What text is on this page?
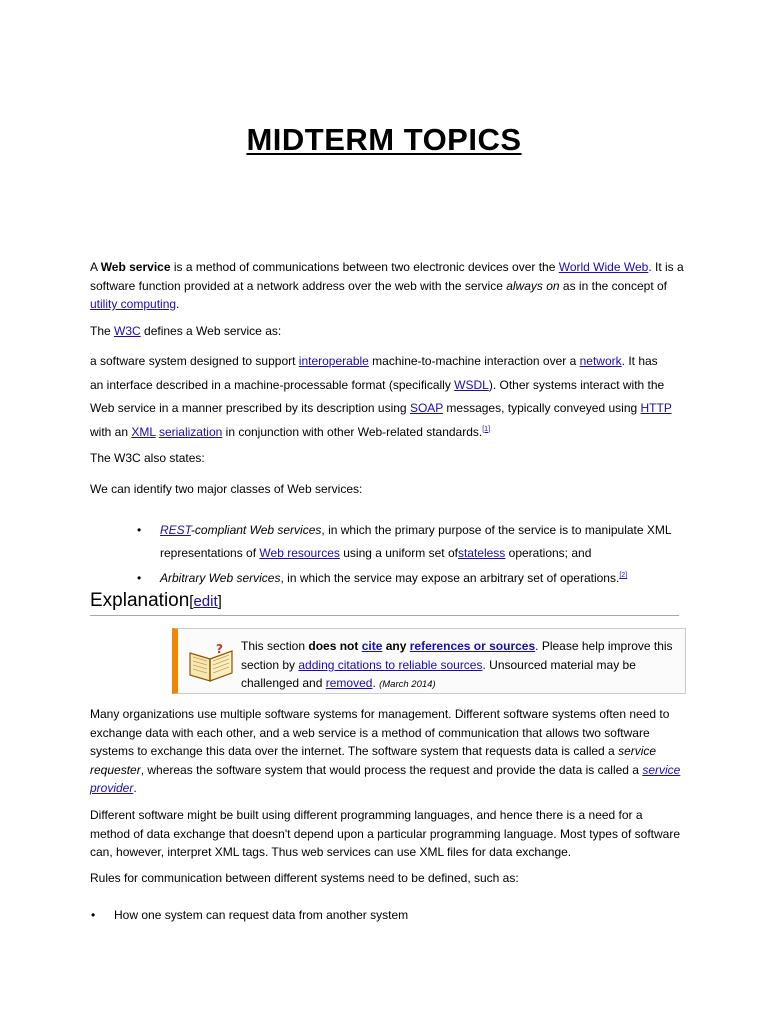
MIDTERM TOPICS
A Web service is a method of communications between two electronic devices over the World Wide Web. It is a software function provided at a network address over the web with the service always on as in the concept of utility computing.
The W3C defines a Web service as:
a software system designed to support interoperable machine-to-machine interaction over a network. It has an interface described in a machine-processable format (specifically WSDL). Other systems interact with the Web service in a manner prescribed by its description using SOAP messages, typically conveyed using HTTP with an XML serialization in conjunction with other Web-related standards.[1]
The W3C also states:
We can identify two major classes of Web services:
• REST-compliant Web services, in which the primary purpose of the service is to manipulate XML representations of Web resources using a uniform set ofstateless operations; and
• Arbitrary Web services, in which the service may expose an arbitrary set of operations.[2]
Explanation[edit]
? This section does not cite any references or sources. Please help improve this section by adding citations to reliable sources. Unsourced material may be challenged and removed. (March 2014)
Many organizations use multiple software systems for management. Different software systems often need to exchange data with each other, and a web service is a method of communication that allows two software systems to exchange this data over the internet. The software system that requests data is called a service requester, whereas the software system that would process the request and provide the data is called a service provider.
Different software might be built using different programming languages, and hence there is a need for a method of data exchange that doesn't depend upon a particular programming language. Most types of software can, however, interpret XML tags. Thus web services can use XML files for data exchange.
Rules for communication between different systems need to be defined, such as:
• How one system can request data from another system
